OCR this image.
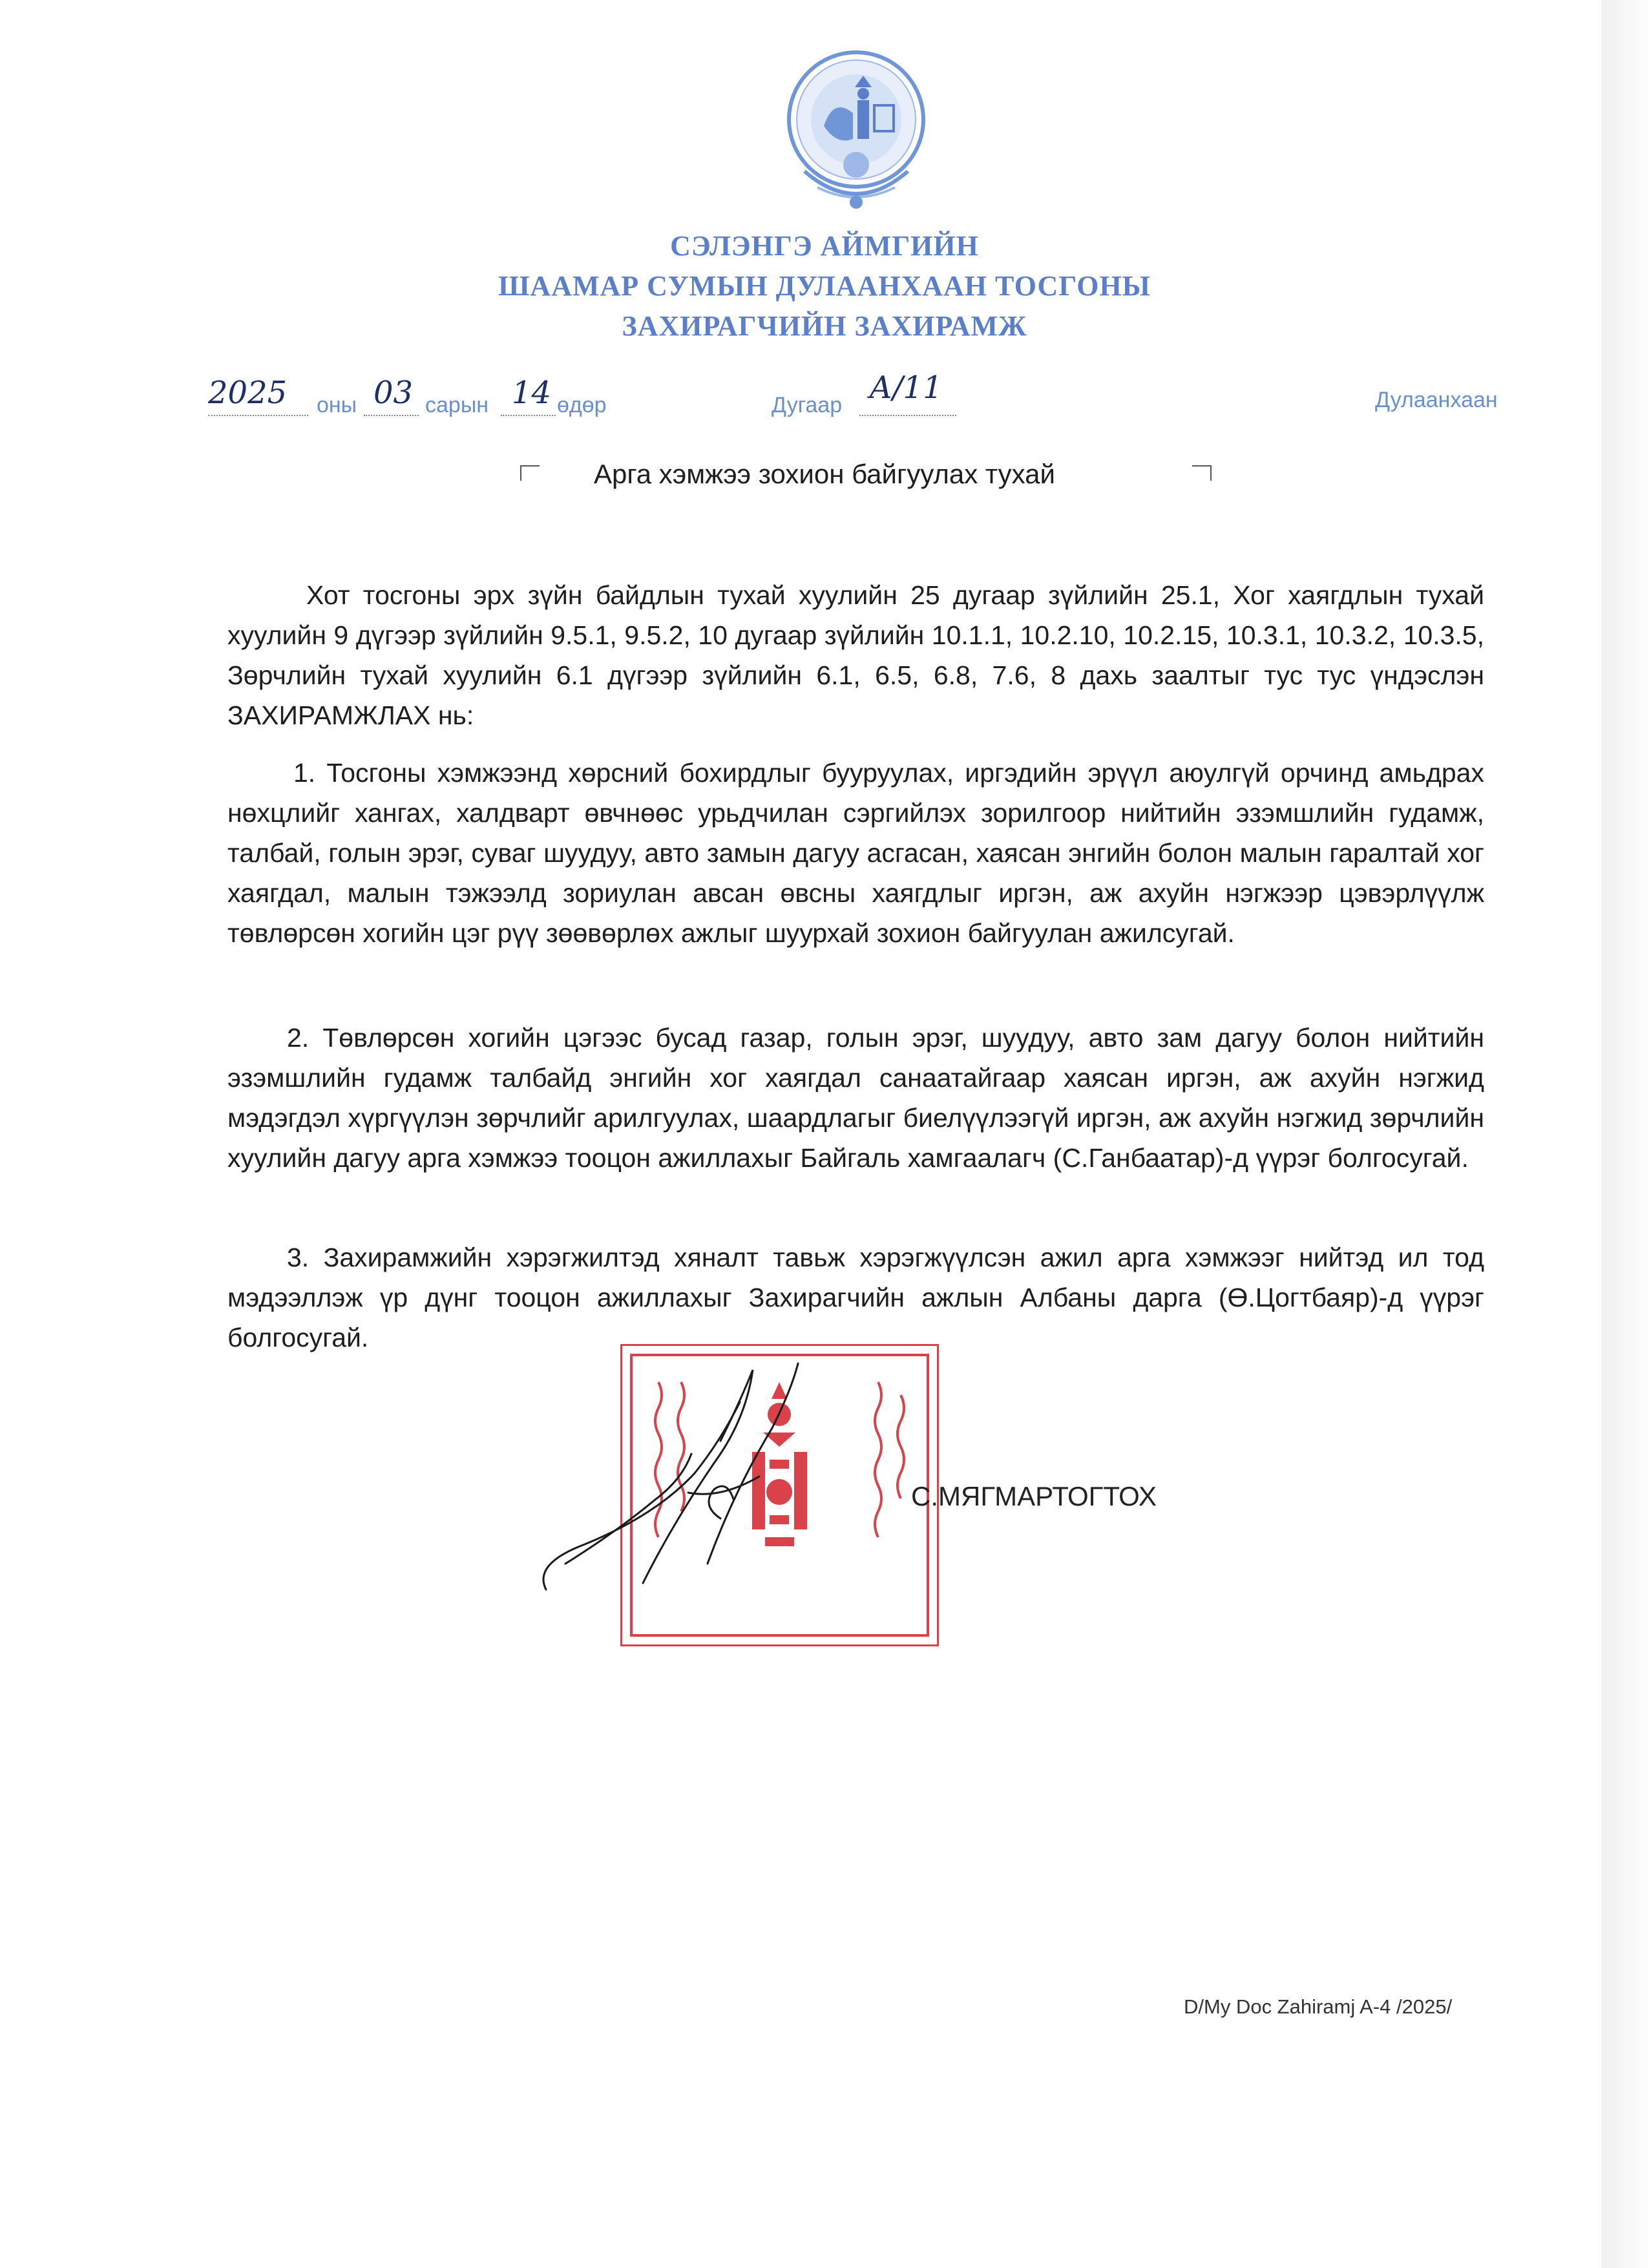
СЭЛЭНГЭ АЙМГИЙН
ШААМАР СУМЫН ДУЛААНХААН ТОСГОНЫ
ЗАХИРАГЧИЙН ЗАХИРАМЖ
2025 оны 03 сарын 14 өдөр	Дугаар А/11	Дулаанхаан
Арга хэмжээ зохион байгуулах тухай
Хот тосгоны эрх зүйн байдлын тухай хуулийн 25 дугаар зүйлийн 25.1, Хог хаягдлын тухай хуулийн 9 дүгээр зүйлийн 9.5.1, 9.5.2, 10 дугаар зүйлийн 10.1.1, 10.2.10, 10.2.15, 10.3.1, 10.3.2, 10.3.5, Зөрчлийн тухай хуулийн 6.1 дүгээр зүйлийн 6.1, 6.5, 6.8, 7.6, 8 дахь заалтыг тус тус үндэслэн ЗАХИРАМЖЛАХ нь:
1. Тосгоны хэмжээнд хөрсний бохирдлыг бууруулах, иргэдийн эрүүл аюулгүй орчинд амьдрах нөхцлийг хангах, халдварт өвчнөөс урьдчилан сэргийлэх зорилгоор нийтийн эзэмшлийн гудамж, талбай, голын эрэг, суваг шуудуу, авто замын дагуу асгасан, хаясан энгийн болон малын гаралтай хог хаягдал, малын тэжээлд зориулан авсан өвсны хаягдлыг иргэн, аж ахуйн нэгжээр цэвэрлүүлж төвлөрсөн хогийн цэг рүү зөөвөрлөх ажлыг шуурхай зохион байгуулан ажилсугай.
2. Төвлөрсөн хогийн цэгээс бусад газар, голын эрэг, шуудуу, авто зам дагуу болон нийтийн эзэмшлийн гудамж талбайд энгийн хог хаягдал санаатайгаар хаясан иргэн, аж ахуйн нэгжид мэдэгдэл хүргүүлэн зөрчлийг арилгуулах, шаардлагыг биелүүлээгүй иргэн, аж ахуйн нэгжид зөрчлийн хуулийн дагуу арга хэмжээ тооцон ажиллахыг Байгаль хамгаалагч (С.Ганбаатар)-д үүрэг болгосугай.
3. Захирамжийн хэрэгжилтэд хяналт тавьж хэрэгжүүлсэн ажил арга хэмжээг нийтэд ил тод мэдээллэж үр дүнг тооцон ажиллахыг Захирагчийн ажлын Албаны дарга (Ө.Цогтбаяр)-д үүрэг болгосугай.
С.МЯГМАРТОГТОХ
D/My Doc Zahiramj A-4 /2025/
